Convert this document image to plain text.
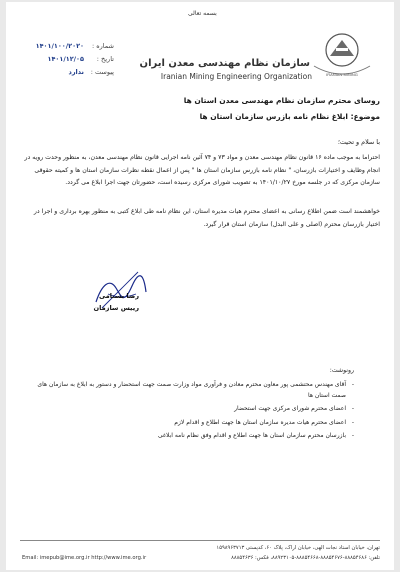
بسمه تعالی
IRANIAN MINING
شماره :
۱۴۰۱/۱۰۰/۲۰۲۰
تاریخ :
۱۴۰۱/۱۲/۰۵
پیوست :
ندارد
سازمان نظام مهندسی معدن ایران
Iranian Mining Engineering Organization
روسای محترم سازمان نظام مهندسی معدن استان ها
موضوع: ابلاغ نظام نامه بازرس سازمان استان ها
با سلام و تحیت؛
احتراما به موجب ماده ۱۶ قانون نظام مهندسی معدن و مواد ۷۳ و ۷۴ آئین نامه اجرایی قانون نظام مهندسی معدن، به منظور وحدت رویه در انجام وظایف و اختیارات بازرسان، " نظام نامه بازرس سازمان استان ها " پس از اعمال نقطه نظرات سازمان استان ها و کمیته حقوقی سازمان مرکزی که در جلسه مورخ ۱۴۰۱/۱۰/۲۷ به تصویب شورای مرکزی رسیده است، حضورتان جهت اجرا ابلاغ می گردد.
خواهشمند است ضمن اطلاع رسانی به اعضای محترم هیات مدیره استان، این نظام نامه طی ابلاغ کتبی به منظور بهره برداری و اجرا در اختیار بازرسان محترم (اصلی و علی البدل) سازمان استان قرار گیرد.
رضا بستامی
رییس سازمان
رونوشت:
- آقای مهندس محتشمی پور معاون محترم معادن و فرآوری مواد وزارت صمت جهت استحضار و دستور به ابلاغ به سازمان های صمت استان ها
- اعضای محترم شورای مرکزی جهت استحضار
- اعضای محترم هیات مدیره سازمان استان ها جهت اطلاع و اقدام لازم
- بازرسان محترم سازمان استان ها جهت اطلاع و اقدام وفق نظام نامه ابلاغی
تهران، خیابان استاد نجات الهی، خیابان اراک، پلاک ۶۰، کدپستی ۱۵۹۸۹۶۳۷۱۳
تلفن: ۸۸۸۵۴۶۸۶-۸۸۸۵۴۶۷۶-۸۸۸۵۴۶۶۸-۸۸۹۲۳۱۰۵، فکس: ۸۸۸۵۴۶۳۶
Email: imepub@ime.org.ir http://www.ime.org.ir
